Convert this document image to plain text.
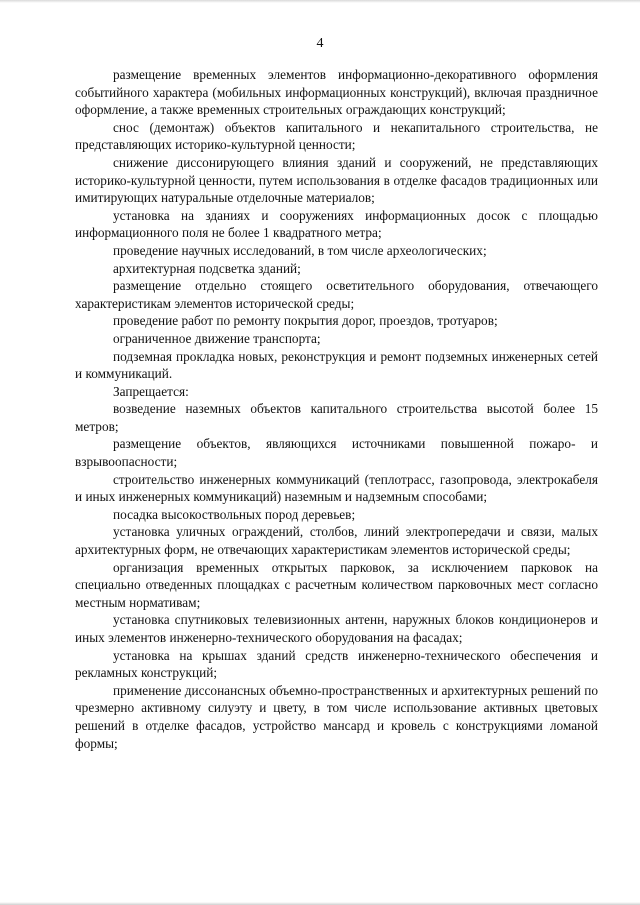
4

размещение временных элементов информационно-декоративного оформления событийного характера (мобильных информационных конструкций), включая праздничное оформление, а также временных строительных ограждающих конструкций;

снос (демонтаж) объектов капитального и некапитального строительства, не представляющих историко-культурной ценности;

снижение диссонирующего влияния зданий и сооружений, не представляющих историко-культурной ценности, путем использования в отделке фасадов традиционных или имитирующих натуральные отделочные материалов;

установка на зданиях и сооружениях информационных досок с площадью информационного поля не более 1 квадратного метра;

проведение научных исследований, в том числе археологических;

архитектурная подсветка зданий;

размещение отдельно стоящего осветительного оборудования, отвечающего характеристикам элементов исторической среды;

проведение работ по ремонту покрытия дорог, проездов, тротуаров;

ограниченное движение транспорта;

подземная прокладка новых, реконструкция и ремонт подземных инженерных сетей и коммуникаций.

Запрещается:

возведение наземных объектов капитального строительства высотой более 15 метров;

размещение объектов, являющихся источниками повышенной пожаро- и взрывоопасности;

строительство инженерных коммуникаций (теплотрасс, газопровода, электрокабеля и иных инженерных коммуникаций) наземным и надземным способами;

посадка высокоствольных пород деревьев;

установка уличных ограждений, столбов, линий электропередачи и связи, малых архитектурных форм, не отвечающих характеристикам элементов исторической среды;

организация временных открытых парковок, за исключением парковок на специально отведенных площадках с расчетным количеством парковочных мест согласно местным нормативам;

установка спутниковых телевизионных антенн, наружных блоков кондиционеров и иных элементов инженерно-технического оборудования на фасадах;

установка на крышах зданий средств инженерно-технического обеспечения и рекламных конструкций;

применение диссонансных объемно-пространственных и архитектурных решений по чрезмерно активному силуэту и цвету, в том числе использование активных цветовых решений в отделке фасадов, устройство мансард и кровель с конструкциями ломаной формы;
